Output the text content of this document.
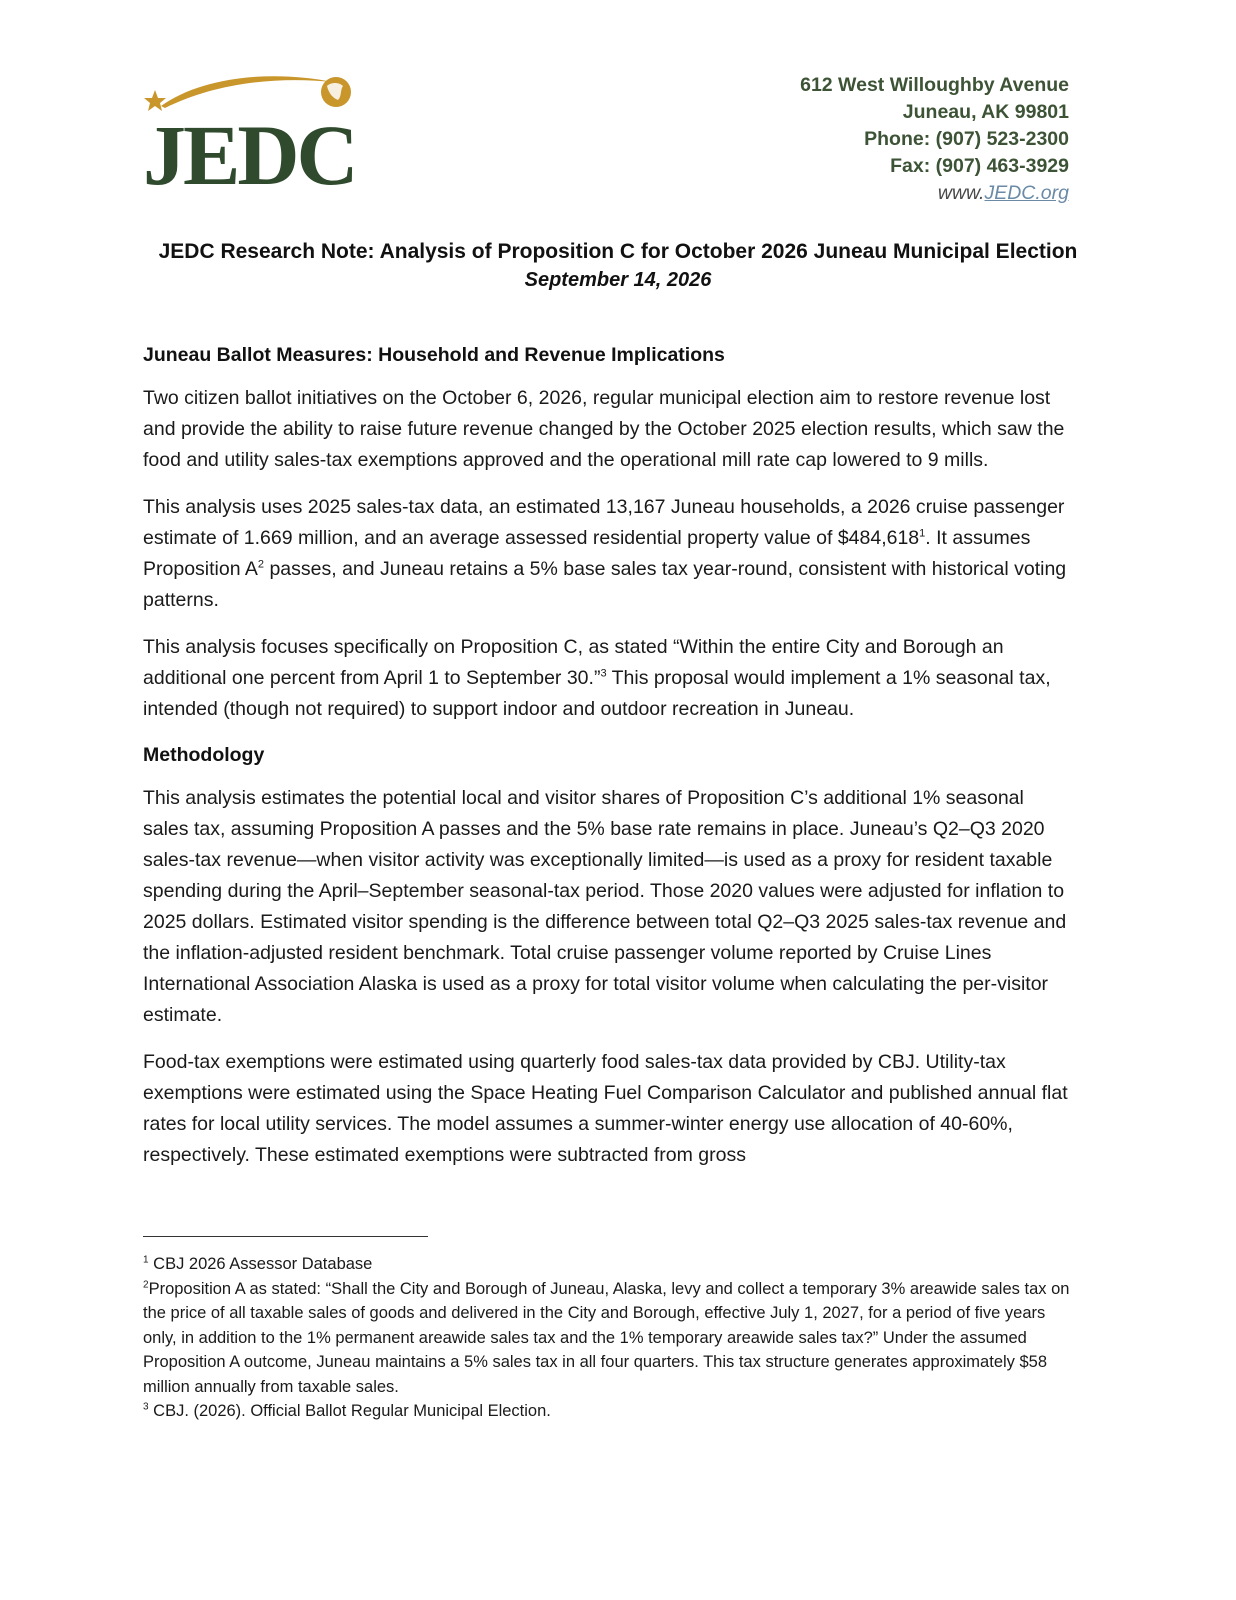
JEDC
612 West Willoughby Avenue
Juneau, AK 99801
Phone: (907) 523-2300
Fax: (907) 463-3929
www.JEDC.org
JEDC Research Note: Analysis of Proposition C for October 2026 Juneau Municipal Election
September 14, 2026
Juneau Ballot Measures: Household and Revenue Implications

Two citizen ballot initiatives on the October 6, 2026, regular municipal election aim to restore revenue lost and provide the ability to raise future revenue changed by the October 2025 election results, which saw the food and utility sales-tax exemptions approved and the operational mill rate cap lowered to 9 mills.

This analysis uses 2025 sales-tax data, an estimated 13,167 Juneau households, a 2026 cruise passenger estimate of 1.669 million, and an average assessed residential property value of $484,618$^1$. It assumes Proposition $A^2$ passes, and Juneau retains a 5% base sales tax year-round, consistent with historical voting patterns.

This analysis focuses specifically on Proposition C, as stated “Within the entire City and Borough an additional one percent from April 1 to September 30.”$^3$ This proposal would implement a 1% seasonal tax, intended (though not required) to support indoor and outdoor recreation in Juneau.

Methodology

This analysis estimates the potential local and visitor shares of Proposition C’s additional 1% seasonal sales tax, assuming Proposition A passes and the 5% base rate remains in place. Juneau’s Q2–Q3 2020 sales-tax revenue—when visitor activity was exceptionally limited—is used as a proxy for resident taxable spending during the April–September seasonal-tax period. Those 2020 values were adjusted for inflation to 2025 dollars. Estimated visitor spending is the difference between total Q2–Q3 2025 sales-tax revenue and the inflation-adjusted resident benchmark. Total cruise passenger volume reported by Cruise Lines International Association Alaska is used as a proxy for total visitor volume when calculating the per-visitor estimate.

Food-tax exemptions were estimated using quarterly food sales-tax data provided by CBJ. Utility-tax exemptions were estimated using the Space Heating Fuel Comparison Calculator and published annual flat rates for local utility services. The model assumes a summer-winter energy use allocation of 40-60%, respectively. These estimated exemptions were subtracted from gross

$^1$ CBJ 2026 Assessor Database
$^2$Proposition A as stated: “Shall the City and Borough of Juneau, Alaska, levy and collect a temporary 3% areawide sales tax on the price of all taxable sales of goods and delivered in the City and Borough, effective July 1, 2027, for a period of five years only, in addition to the 1% permanent areawide sales tax and the 1% temporary areawide sales tax?” Under the assumed Proposition A outcome, Juneau maintains a 5% sales tax in all four quarters. This tax structure generates approximately $58 million annually from taxable sales.
$^3$ CBJ. (2026). Official Ballot Regular Municipal Election.
